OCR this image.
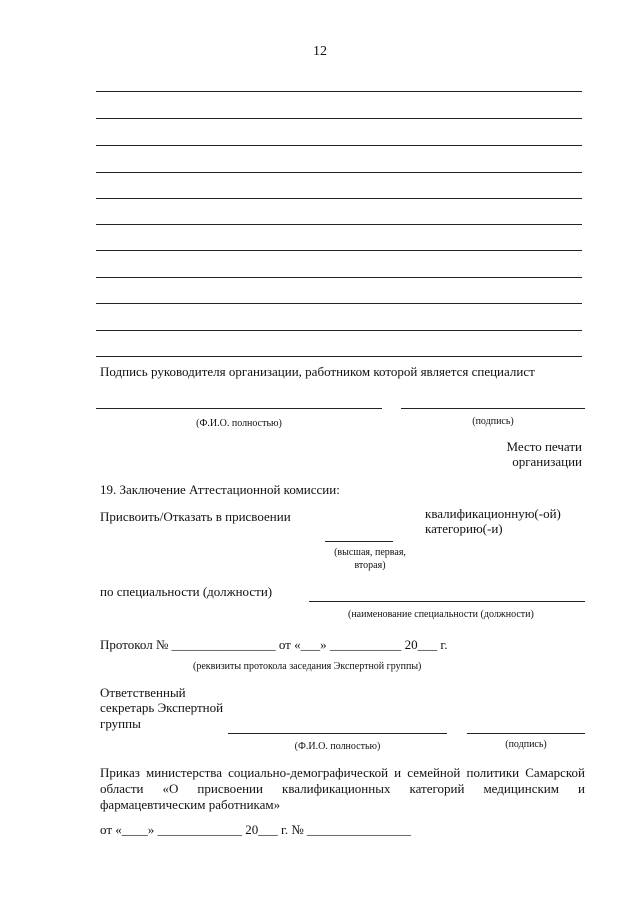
12
Подпись руководителя организации, работником которой является специалист
(Ф.И.О. полностью)	(подпись)
Место печати
организации
19. Заключение Аттестационной комиссии:
Присвоить/Отказать в присвоении	квалификационную(-ой)
категорию(-и)
(высшая, первая,
вторая)
по специальности (должности)
(наименование специальности (должности)
Протокол № ________________ от «___» ___________ 20___ г.
(реквизиты протокола заседания Экспертной группы)
Ответственный
секретарь Экспертной
группы
(Ф.И.О. полностью)	(подпись)
Приказ министерства социально-демографической и семейной политики Самарской области «О присвоении квалификационных категорий медицинским и фармацевтическим работникам»
от «____» _____________ 20___ г. № ________________
